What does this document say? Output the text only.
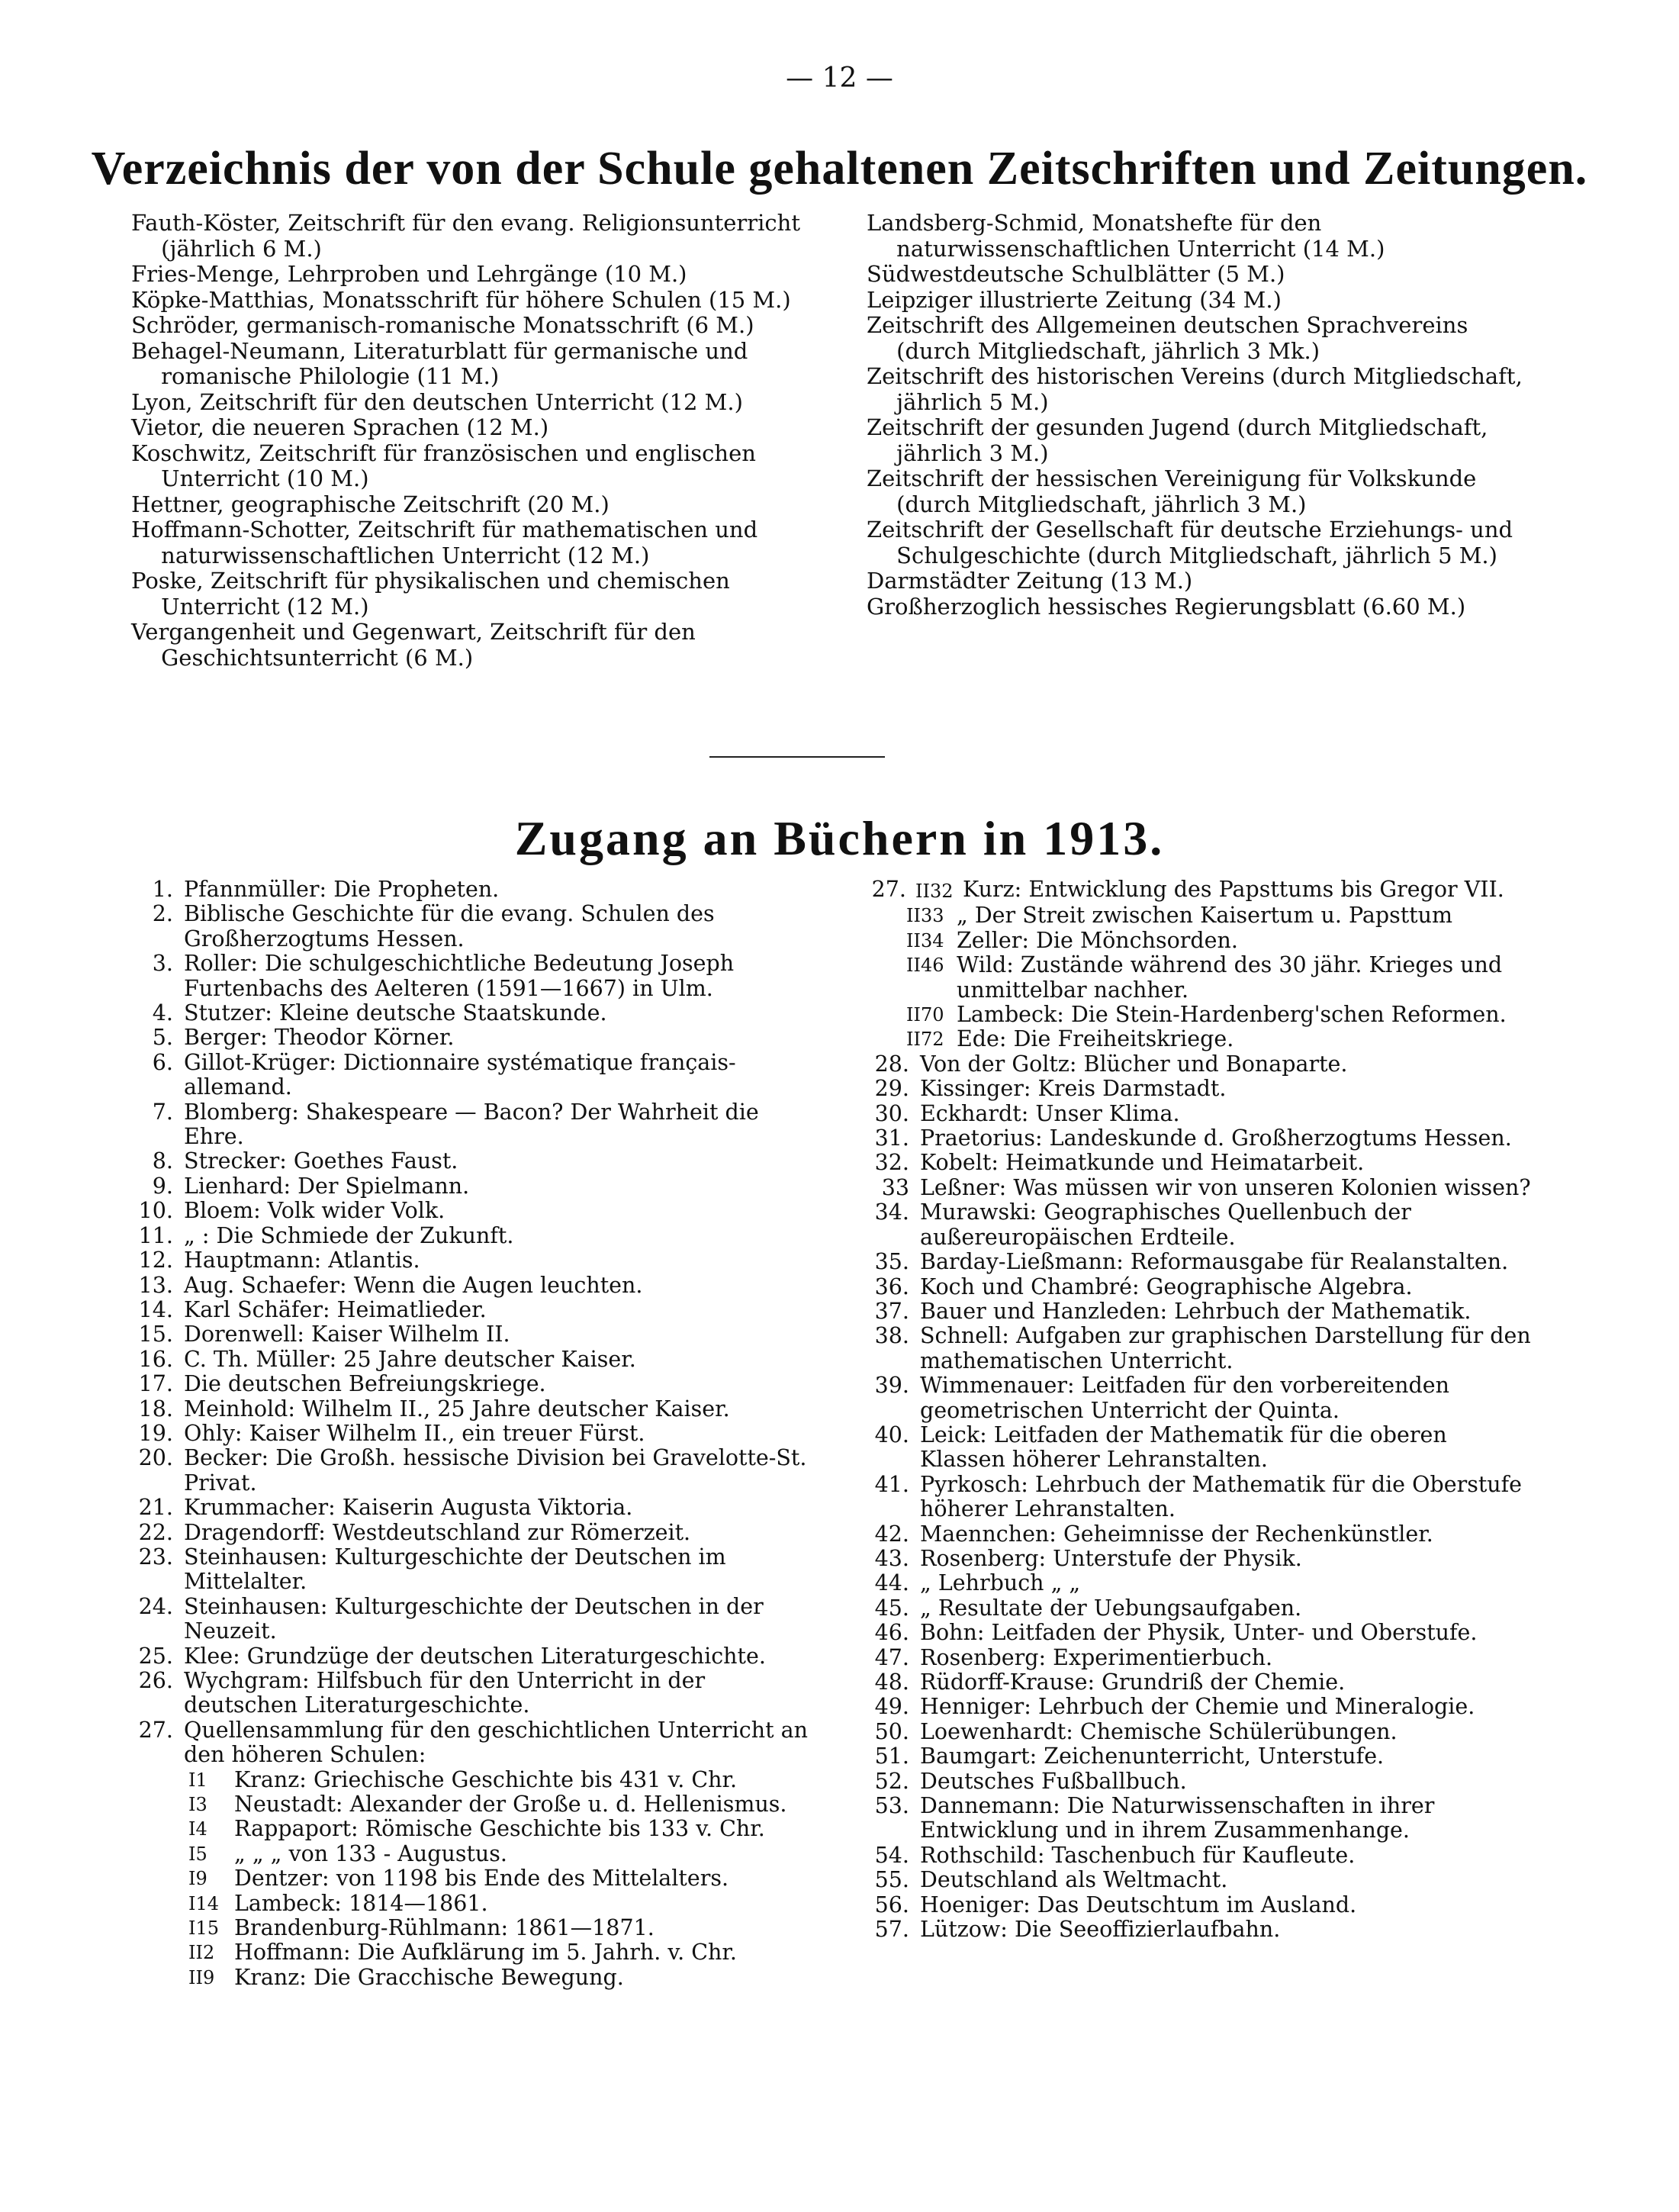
— 12 —
Verzeichnis der von der Schule gehaltenen Zeitschriften und Zeitungen.

Fauth-Köster, Zeitschrift für den evang. Religionsunterricht (jährlich 6 M.)

Fries-Menge, Lehrproben und Lehrgänge (10 M.)

Köpke-Matthias, Monatsschrift für höhere Schulen (15 M.)

Schröder, germanisch-romanische Monatsschrift (6 M.)

Behagel-Neumann, Literaturblatt für germanische und romanische Philologie (11 M.)

Lyon, Zeitschrift für den deutschen Unterricht (12 M.)

Vietor, die neueren Sprachen (12 M.)

Koschwitz, Zeitschrift für französischen und englischen Unterricht (10 M.)

Hettner, geographische Zeitschrift (20 M.)

Hoffmann-Schotter, Zeitschrift für mathematischen und naturwissenschaftlichen Unterricht (12 M.)

Poske, Zeitschrift für physikalischen und chemischen Unterricht (12 M.)

Vergangenheit und Gegenwart, Zeitschrift für den Geschichtsunterricht (6 M.)

Landsberg-Schmid, Monatshefte für den naturwissenschaftlichen Unterricht (14 M.)

Südwestdeutsche Schulblätter (5 M.)

Leipziger illustrierte Zeitung (34 M.)

Zeitschrift des Allgemeinen deutschen Sprachvereins (durch Mitgliedschaft, jährlich 3 Mk.)

Zeitschrift des historischen Vereins (durch Mitgliedschaft, jährlich 5 M.)

Zeitschrift der gesunden Jugend (durch Mitgliedschaft, jährlich 3 M.)

Zeitschrift der hessischen Vereinigung für Volkskunde (durch Mitgliedschaft, jährlich 3 M.)

Zeitschrift der Gesellschaft für deutsche Erziehungs- und Schulgeschichte (durch Mitgliedschaft, jährlich 5 M.)

Darmstädter Zeitung (13 M.)

Großherzoglich hessisches Regierungsblatt (6.60 M.)

Zugang an Büchern in 1913.
1. Pfannmüller: Die Propheten.
2. Biblische Geschichte für die evang. Schulen des Großherzogtums Hessen.
3. Roller: Die schulgeschichtliche Bedeutung Joseph Furtenbachs des Aelteren (1591—1667) in Ulm.
4. Stutzer: Kleine deutsche Staatskunde.
5. Berger: Theodor Körner.
6. Gillot-Krüger: Dictionnaire systématique français-allemand.
7. Blomberg: Shakespeare — Bacon? Der Wahrheit die Ehre.
8. Strecker: Goethes Faust.
9. Lienhard: Der Spielmann.
10. Bloem: Volk wider Volk.
11. „ : Die Schmiede der Zukunft.
12. Hauptmann: Atlantis.
13. Aug. Schaefer: Wenn die Augen leuchten.
14. Karl Schäfer: Heimatlieder.
15. Dorenwell: Kaiser Wilhelm II.
16. C. Th. Müller: 25 Jahre deutscher Kaiser.
17. Die deutschen Befreiungskriege.
18. Meinhold: Wilhelm II., 25 Jahre deutscher Kaiser.
19. Ohly: Kaiser Wilhelm II., ein treuer Fürst.
20. Becker: Die Großh. hessische Division bei Gravelotte-St. Privat.
21. Krummacher: Kaiserin Augusta Viktoria.
22. Dragendorff: Westdeutschland zur Römerzeit.
23. Steinhausen: Kulturgeschichte der Deutschen im Mittelalter.
24. Steinhausen: Kulturgeschichte der Deutschen in der Neuzeit.
25. Klee: Grundzüge der deutschen Literaturgeschichte.
26. Wychgram: Hilfsbuch für den Unterricht in der deutschen Literaturgeschichte.
27. Quellensammlung für den geschichtlichen Unterricht an den höheren Schulen:
I1	Kranz: Griechische Geschichte bis 431 v. Chr.
I3	Neustadt: Alexander der Große u. d. Hellenismus.
I4	Rappaport: Römische Geschichte bis 133 v. Chr.
I5	„ „ „ von 133 - Augustus.
I9	Dentzer: von 1198 bis Ende des Mittelalters.
I14 Lambeck: 1814—1861.
I15 Brandenburg-Rühlmann: 1861—1871.
II2 Hoffmann: Die Aufklärung im 5. Jahrh. v. Chr.
II9 Kranz: Die Gracchische Bewegung.
27. II32 Kurz: Entwicklung des Papsttums bis Gregor VII.
II33 „ Der Streit zwischen Kaisertum u. Papsttum
II34 Zeller: Die Mönchsorden.
II46 Wild: Zustände während des 30 jähr. Krieges und unmittelbar nachher.
II70 Lambeck: Die Stein-Hardenberg'schen Reformen.
II72 Ede: Die Freiheitskriege.
28. Von der Goltz: Blücher und Bonaparte.
29. Kissinger: Kreis Darmstadt.
30. Eckhardt: Unser Klima.
31. Praetorius: Landeskunde d. Großherzogtums Hessen.
32. Kobelt: Heimatkunde und Heimatarbeit.
33 Leßner: Was müssen wir von unseren Kolonien wissen?
34. Murawski: Geographisches Quellenbuch der außereuropäischen Erdteile.
35. Barday-Ließmann: Reformausgabe für Realanstalten.
36. Koch und Chambré: Geographische Algebra.
37. Bauer und Hanzleden: Lehrbuch der Mathematik.
38. Schnell: Aufgaben zur graphischen Darstellung für den mathematischen Unterricht.
39. Wimmenauer: Leitfaden für den vorbereitenden geometrischen Unterricht der Quinta.
40. Leick: Leitfaden der Mathematik für die oberen Klassen höherer Lehranstalten.
41. Pyrkosch: Lehrbuch der Mathematik für die Oberstufe höherer Lehranstalten.
42. Maennchen: Geheimnisse der Rechenkünstler.
43. Rosenberg: Unterstufe der Physik.
44. „ Lehrbuch „ „
45. „ Resultate der Uebungsaufgaben.
46. Bohn: Leitfaden der Physik, Unter- und Oberstufe.
47. Rosenberg: Experimentierbuch.
48. Rüdorff-Krause: Grundriß der Chemie.
49. Henniger: Lehrbuch der Chemie und Mineralogie.
50. Loewenhardt: Chemische Schülerübungen.
51. Baumgart: Zeichenunterricht, Unterstufe.
52. Deutsches Fußballbuch.
53. Dannemann: Die Naturwissenschaften in ihrer Entwicklung und in ihrem Zusammenhange.
54. Rothschild: Taschenbuch für Kaufleute.
55. Deutschland als Weltmacht.
56. Hoeniger: Das Deutschtum im Ausland.
57. Lützow: Die Seeoffizierlaufbahn.
